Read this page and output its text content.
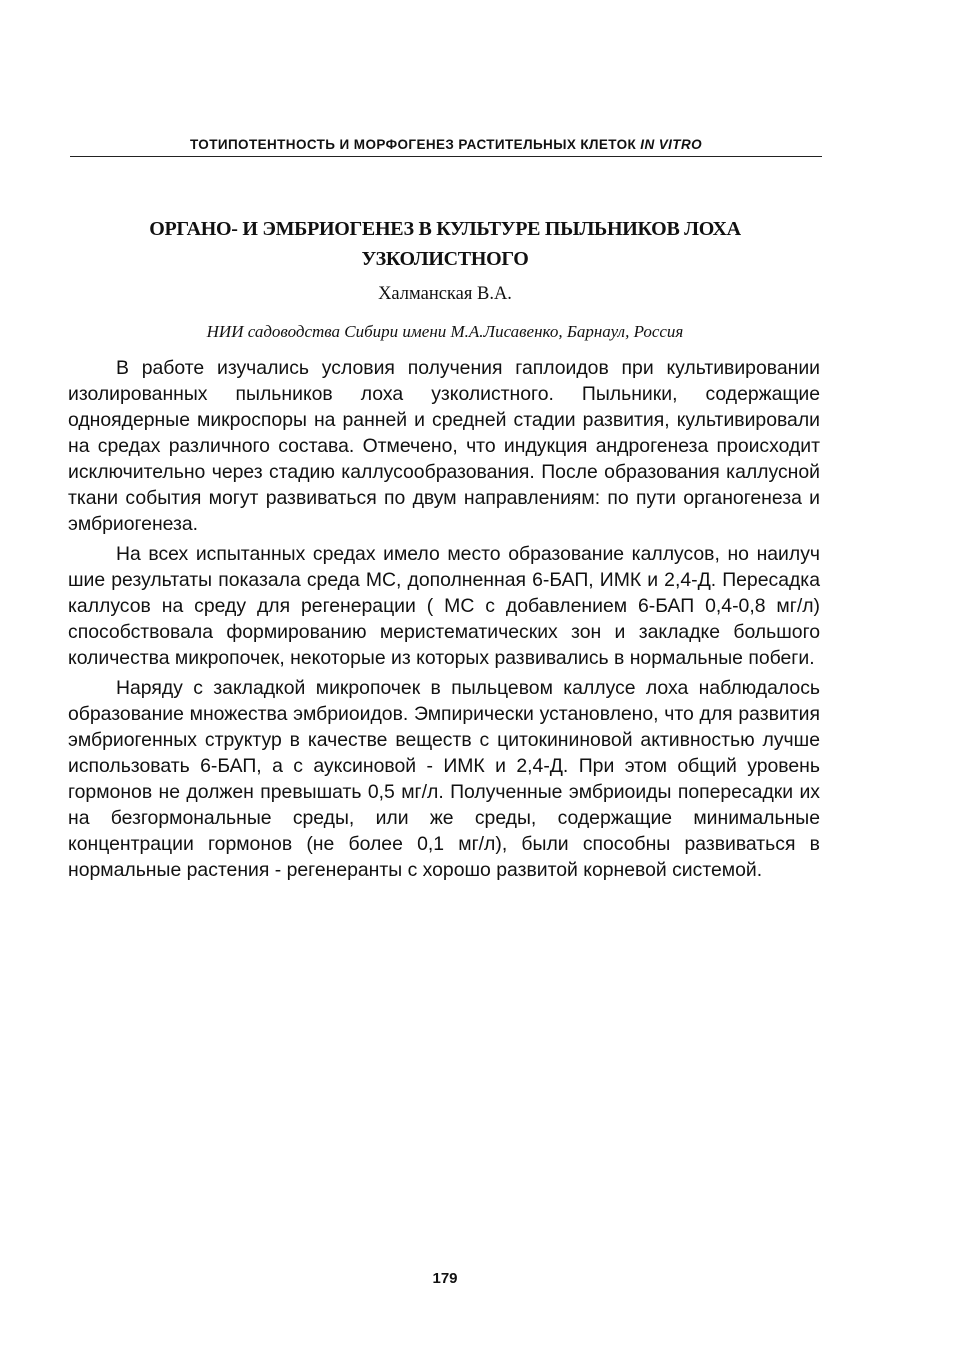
ТОТИПОТЕНТНОСТЬ И МОРФОГЕНЕЗ РАСТИТЕЛЬНЫХ КЛЕТОК IN VITRO
ОРГАНО- И ЭМБРИОГЕНЕЗ В КУЛЬТУРЕ ПЫЛЬНИКОВ ЛОХА УЗКОЛИСТНОГО
Халманская В.А.
НИИ садоводства Сибири имени М.А.Лисавенко, Барнаул, Россия

В работе изучались условия получения гаплоидов при культивировании изолированных пыльников лоха узколистного. Пыльники, содержащие одноядерные микроспоры на ранней и средней стадии развития, культивировали на средах различного состава. Отмечено, что индукция андрогенеза происходит исключительно через стадию каллусообразования. После образования каллусной ткани события могут развиваться по двум направлениям: по пути органогенеза и эмбриогенеза.

На всех испытанных средах имело место образование каллусов, но наилуч шие результаты показала среда МС, дополненная 6-БАП, ИМК и 2,4-Д. Пересадка каллусов на среду для регенерации ( МС с добавлением 6-БАП 0,4-0,8 мг/л) способствовала формированию меристематических зон и закладке большого количества микропочек, некоторые из которых развивались в нормальные побеги.

Наряду с закладкой микропочек в пыльцевом каллусе лоха наблюдалось образование множества эмбриоидов. Эмпирически установлено, что для развития эмбриогенных структур в качестве веществ с цитокининовой активностью лучше использовать 6-БАП, а с ауксиновой - ИМК и 2,4-Д. При этом общий уровень гормонов не должен превышать 0,5 мг/л. Полученные эмбриоиды попересадки их на безгормональные среды, или же среды, содержащие минимальные концентрации гормонов (не более 0,1 мг/л), были способны развиваться в нормальные растения - регенеранты с хорошо развитой корневой системой.

179
